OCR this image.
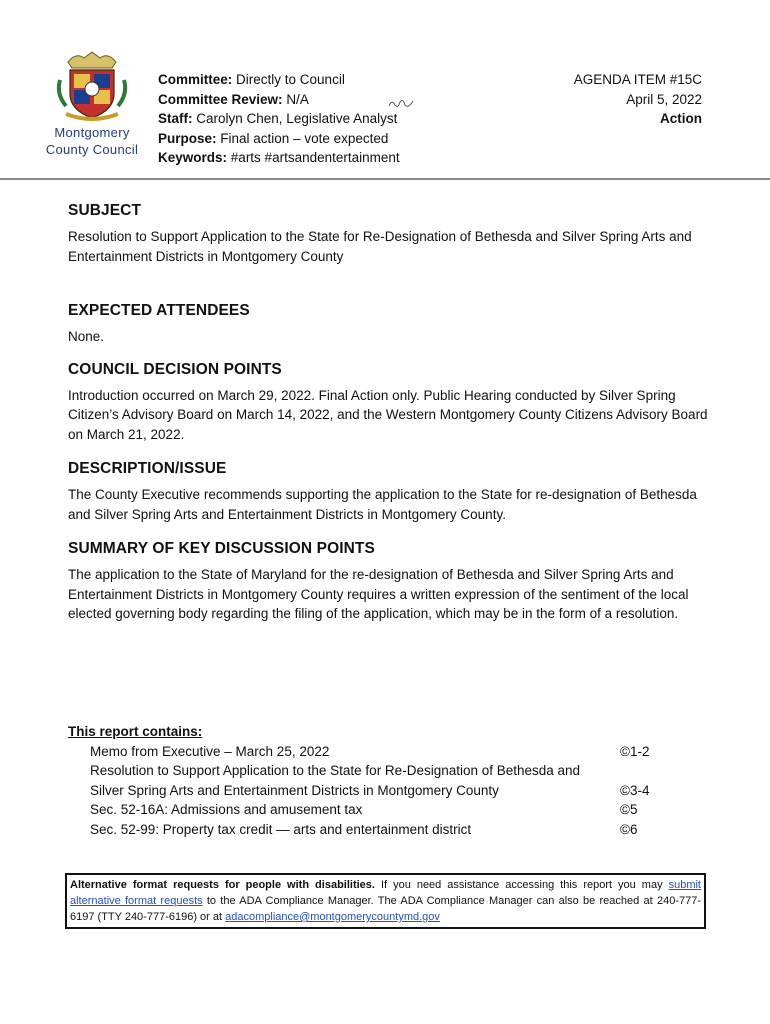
Montgomery
County Council
Committee: Directly to Council
Committee Review: N/A
Staff: Carolyn Chen, Legislative Analyst
Purpose: Final action – vote expected
Keywords: #arts #artsandentertainment
AGENDA ITEM #15C
April 5, 2022
Action
SUBJECT
Resolution to Support Application to the State for Re-Designation of Bethesda and Silver Spring Arts and Entertainment Districts in Montgomery County
EXPECTED ATTENDEES
None.
COUNCIL DECISION POINTS
Introduction occurred on March 29, 2022. Final Action only. Public Hearing conducted by Silver Spring Citizen’s Advisory Board on March 14, 2022, and the Western Montgomery County Citizens Advisory Board on March 21, 2022.
DESCRIPTION/ISSUE
The County Executive recommends supporting the application to the State for re-designation of Bethesda and Silver Spring Arts and Entertainment Districts in Montgomery County.
SUMMARY OF KEY DISCUSSION POINTS
The application to the State of Maryland for the re-designation of Bethesda and Silver Spring Arts and Entertainment Districts in Montgomery County requires a written expression of the sentiment of the local elected governing body regarding the filing of the application, which may be in the form of a resolution.
This report contains:
Memo from Executive – March 25, 2022	©1-2
Resolution to Support Application to the State for Re-Designation of Bethesda and Silver Spring Arts and Entertainment Districts in Montgomery County	©3-4
Sec. 52-16A: Admissions and amusement tax	©5
Sec. 52-99: Property tax credit — arts and entertainment district	©6
Alternative format requests for people with disabilities. If you need assistance accessing this report you may submit alternative format requests to the ADA Compliance Manager. The ADA Compliance Manager can also be reached at 240-777-6197 (TTY 240-777-6196) or at adacompliance@montgomerycountymd.gov
